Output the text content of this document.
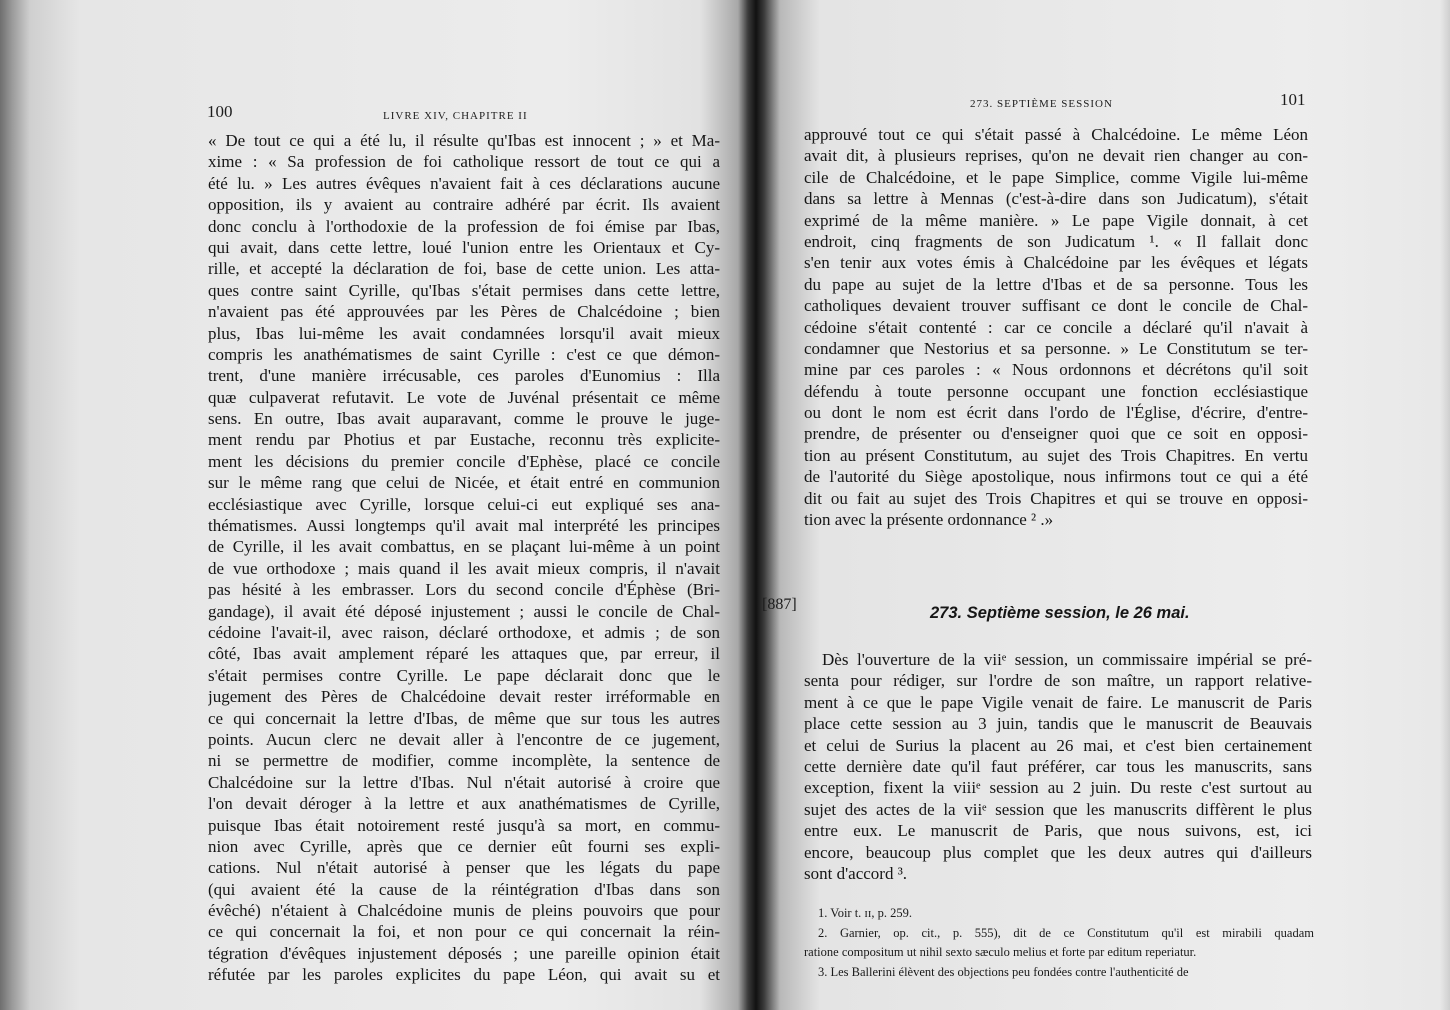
100	LIVRE XIV, CHAPITRE II
« De tout ce qui a été lu, il résulte qu'Ibas est innocent ; » et Ma-
xime : « Sa profession de foi catholique ressort de tout ce qui a
été lu. » Les autres évêques n'avaient fait à ces déclarations aucune
opposition, ils y avaient au contraire adhéré par écrit. Ils avaient
donc conclu à l'orthodoxie de la profession de foi émise par Ibas,
qui avait, dans cette lettre, loué l'union entre les Orientaux et Cy-
rille, et accepté la déclaration de foi, base de cette union. Les atta-
ques contre saint Cyrille, qu'Ibas s'était permises dans cette lettre,
n'avaient pas été approuvées par les Pères de Chalcédoine ; bien
plus, Ibas lui-même les avait condamnées lorsqu'il avait mieux
compris les anathématismes de saint Cyrille : c'est ce que démon-
trent, d'une manière irrécusable, ces paroles d'Eunomius : Illa
quæ culpaverat refutavit. Le vote de Juvénal présentait ce même
sens. En outre, Ibas avait auparavant, comme le prouve le juge-
ment rendu par Photius et par Eustache, reconnu très explicite-
ment les décisions du premier concile d'Ephèse, placé ce concile
sur le même rang que celui de Nicée, et était entré en communion
ecclésiastique avec Cyrille, lorsque celui-ci eut expliqué ses ana-
thématismes. Aussi longtemps qu'il avait mal interprété les principes
de Cyrille, il les avait combattus, en se plaçant lui-même à un point
de vue orthodoxe ; mais quand il les avait mieux compris, il n'avait
pas hésité à les embrasser. Lors du second concile d'Éphèse (Bri-
gandage), il avait été déposé injustement ; aussi le concile de Chal-
cédoine l'avait-il, avec raison, déclaré orthodoxe, et admis ; de son
côté, Ibas avait amplement réparé les attaques que, par erreur, il
s'était permises contre Cyrille. Le pape déclarait donc que le
jugement des Pères de Chalcédoine devait rester irréformable en
ce qui concernait la lettre d'Ibas, de même que sur tous les autres
points. Aucun clerc ne devait aller à l'encontre de ce jugement,
ni se permettre de modifier, comme incomplète, la sentence de
Chalcédoine sur la lettre d'Ibas. Nul n'était autorisé à croire que
l'on devait déroger à la lettre et aux anathématismes de Cyrille,
puisque Ibas était notoirement resté jusqu'à sa mort, en commu-
nion avec Cyrille, après que ce dernier eût fourni ses expli-
cations. Nul n'était autorisé à penser que les légats du pape
(qui avaient été la cause de la réintégration d'Ibas dans son
évêché) n'étaient à Chalcédoine munis de pleins pouvoirs que pour
ce qui concernait la foi, et non pour ce qui concernait la réin-
tégration d'évêques injustement déposés ; une pareille opinion était
réfutée par les paroles explicites du pape Léon, qui avait su et
273. SEPTIÈME SESSION	101
approuvé tout ce qui s'était passé à Chalcédoine. Le même Léon
avait dit, à plusieurs reprises, qu'on ne devait rien changer au con-
cile de Chalcédoine, et le pape Simplice, comme Vigile lui-même
dans sa lettre à Mennas (c'est-à-dire dans son Judicatum), s'était
exprimé de la même manière. » Le pape Vigile donnait, à cet
endroit, cinq fragments de son Judicatum ¹. « Il fallait donc
s'en tenir aux votes émis à Chalcédoine par les évêques et légats
du pape au sujet de la lettre d'Ibas et de sa personne. Tous les
catholiques devaient trouver suffisant ce dont le concile de Chal-
cédoine s'était contenté : car ce concile a déclaré qu'il n'avait à
condamner que Nestorius et sa personne. » Le Constitutum se ter-
mine par ces paroles : « Nous ordonnons et décrétons qu'il soit
défendu à toute personne occupant une fonction ecclésiastique
ou dont le nom est écrit dans l'ordo de l'Église, d'écrire, d'entre-
prendre, de présenter ou d'enseigner quoi que ce soit en opposi-
tion au présent Constitutum, au sujet des Trois Chapitres. En vertu
de l'autorité du Siège apostolique, nous infirmons tout ce qui a été
dit ou fait au sujet des Trois Chapitres et qui se trouve en opposi-
tion avec la présente ordonnance ² .»
[887]	273. Septième session, le 26 mai.
Dès l'ouverture de la viiᵉ session, un commissaire impérial se pré-
senta pour rédiger, sur l'ordre de son maître, un rapport relative-
ment à ce que le pape Vigile venait de faire. Le manuscrit de Paris
place cette session au 3 juin, tandis que le manuscrit de Beauvais
et celui de Surius la placent au 26 mai, et c'est bien certainement
cette dernière date qu'il faut préférer, car tous les manuscrits, sans
exception, fixent la viiiᵉ session au 2 juin. Du reste c'est surtout au
sujet des actes de la viiᵉ session que les manuscrits diffèrent le plus
entre eux. Le manuscrit de Paris, que nous suivons, est, ici
encore, beaucoup plus complet que les deux autres qui d'ailleurs
sont d'accord ³.
1. Voir t. ɪɪ, p. 259.
2. Garnier, op. cit., p. 555), dit de ce Constitutum qu'il est mirabili quadam
ratione compositum ut nihil sexto sæculo melius et forte par editum reperiatur.
3. Les Ballerini élèvent des objections peu fondées contre l'authenticité de
